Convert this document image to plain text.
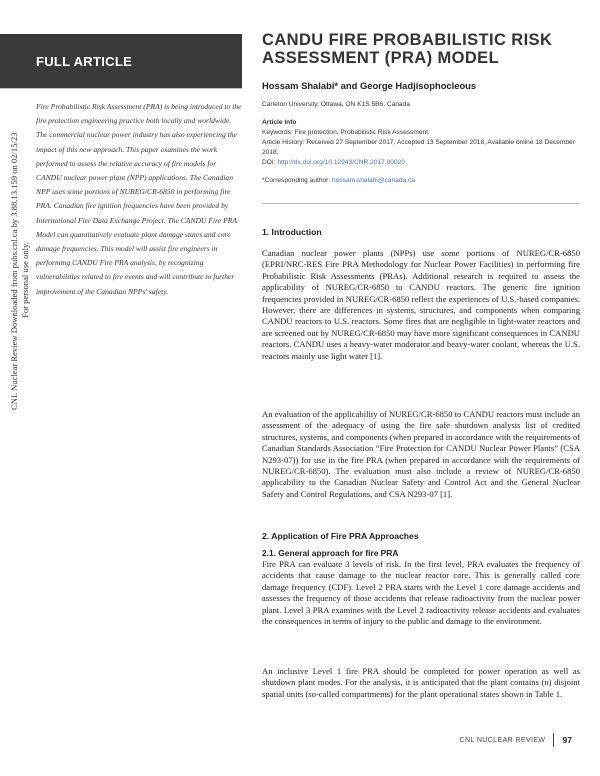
FULL ARTICLE
Fire Probabilistic Risk Assessment (PRA) is being introduced to the fire protection engineering practice both locally and worldwide. The commercial nuclear power industry has also experiencing the impact of this new approach. This paper examines the work performed to assess the relative accuracy of fire models for CANDU nuclear power plant (NPP) applications. The Canadian NPP uses some portions of NUREG/CR-6850 in performing fire PRA. Canadian fire ignition frequencies have been provided by International Fire Data Exchange Project. The CANDU Fire PRA Model can quantitatively evaluate plant damage states and core damage frequencies. This model will assist fire engineers in performing CANDU Fire PRA analysis, by recognizing vulnerabilities related to fire events and will contribute to further improvement of the Canadian NPPs' safety.
CNL Nuclear Review Downloaded from pubs.cnl.ca by 3.88.13.159 on 02/15/23 For personal use only.
CANDU FIRE PROBABILISTIC RISK ASSESSMENT (PRA) MODEL
Hossam Shalabi* and George Hadjisophocleous
Carleton University, Ottawa, ON K1S 5B6, Canada
Article Info
Keywords: Fire protection, Probabilistic Risk Assessment.
Article History: Received 27 September 2017, Accepted 13 September 2018, Available online 18 December 2018.
DOI: http://dx.doi.org/10.12943/CNR.2017.00020
*Corresponding author: hossam.shalabi@canada.ca
1. Introduction
Canadian nuclear power plants (NPPs) use some portions of NUREG/CR-6850 (EPRI/NRC-RES Fire PRA Methodology for Nuclear Power Facilities) in performing fire Probabilistic Risk Assessments (PRAs). Additional research is required to assess the applicability of NUREG/CR-6850 to CANDU reactors. The generic fire ignition frequencies provided in NUREG/CR-6850 reflect the experiences of U.S.-based companies. However, there are differences in systems, structures, and components when comparing CANDU reactors to U.S. reactors. Some fires that are negligible in light-water reactors and are screened out by NUREG/CR-6850 may have more significant consequences in CANDU reactors. CANDU uses a heavy-water moderator and heavy-water coolant, whereas the U.S. reactors mainly use light water [1].
An evaluation of the applicability of NUREG/CR-6850 to CANDU reactors must include an assessment of the adequacy of using the fire safe shutdown analysis list of credited structures, systems, and components (when prepared in accordance with the requirements of Canadian Standards Association “Fire Protection for CANDU Nuclear Power Plants” (CSA N293-07)) for use in the fire PRA (when prepared in accordance with the requirements of NUREG/CR-6850). The evaluation must also include a review of NUREG/CR-6850 applicability to the Canadian Nuclear Safety and Control Act and the General Nuclear Safety and Control Regulations, and CSA N293-07 [1].
2. Application of Fire PRA Approaches
2.1. General approach for fire PRA
Fire PRA can evaluate 3 levels of risk. In the first level, PRA evaluates the frequency of accidents that cause damage to the nuclear reactor core. This is generally called core damage frequency (CDF). Level 2 PRA starts with the Level 1 core damage accidents and assesses the frequency of those accidents that release radioactivity from the nuclear power plant. Level 3 PRA examines with the Level 2 radioactivity release accidents and evaluates the consequences in terms of injury to the public and damage to the environment.
An inclusive Level 1 fire PRA should be completed for power operation as well as shutdown plant modes. For the analysis, it is anticipated that the plant contains (n) disjoint spatial units (so-called compartments) for the plant operational states shown in Table 1.
CNL NUCLEAR REVIEW 97
